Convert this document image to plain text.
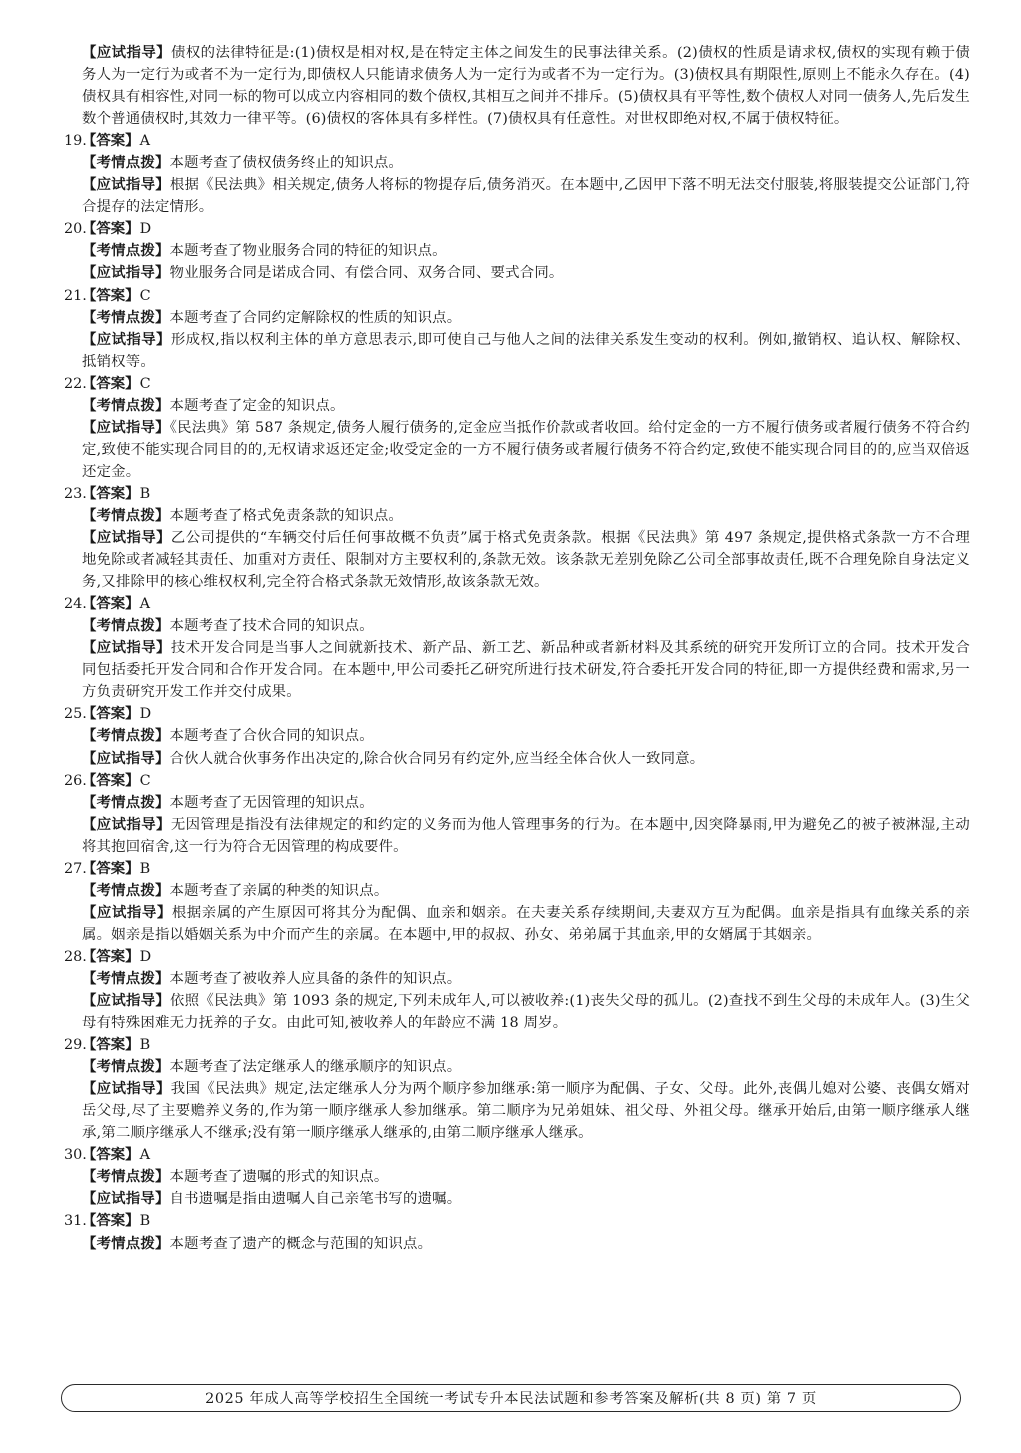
【应试指导】债权的法律特征是:(1)债权是相对权,是在特定主体之间发生的民事法律关系。(2)债权的性质是请求权,债权的实现有赖于债务人为一定行为或者不为一定行为,即债权人只能请求债务人为一定行为或者不为一定行为。(3)债权具有期限性,原则上不能永久存在。(4)债权具有相容性,对同一标的物可以成立内容相同的数个债权,其相互之间并不排斥。(5)债权具有平等性,数个债权人对同一债务人,先后发生数个普通债权时,其效力一律平等。(6)债权的客体具有多样性。(7)债权具有任意性。对世权即绝对权,不属于债权特征。

19.【答案】A

【考情点拨】本题考查了债权债务终止的知识点。

【应试指导】根据《民法典》相关规定,债务人将标的物提存后,债务消灭。在本题中,乙因甲下落不明无法交付服装,将服装提交公证部门,符合提存的法定情形。

20.【答案】D

【考情点拨】本题考查了物业服务合同的特征的知识点。

【应试指导】物业服务合同是诺成合同、有偿合同、双务合同、要式合同。

21.【答案】C

【考情点拨】本题考查了合同约定解除权的性质的知识点。

【应试指导】形成权,指以权利主体的单方意思表示,即可使自己与他人之间的法律关系发生变动的权利。例如,撤销权、追认权、解除权、抵销权等。

22.【答案】C

【考情点拨】本题考查了定金的知识点。

【应试指导】《民法典》第 587 条规定,债务人履行债务的,定金应当抵作价款或者收回。给付定金的一方不履行债务或者履行债务不符合约定,致使不能实现合同目的的,无权请求返还定金;收受定金的一方不履行债务或者履行债务不符合约定,致使不能实现合同目的的,应当双倍返还定金。

23.【答案】B

【考情点拨】本题考查了格式免责条款的知识点。

【应试指导】乙公司提供的“车辆交付后任何事故概不负责”属于格式免责条款。根据《民法典》第 497 条规定,提供格式条款一方不合理地免除或者减轻其责任、加重对方责任、限制对方主要权利的,条款无效。该条款无差别免除乙公司全部事故责任,既不合理免除自身法定义务,又排除甲的核心维权权利,完全符合格式条款无效情形,故该条款无效。

24.【答案】A

【考情点拨】本题考查了技术合同的知识点。

【应试指导】技术开发合同是当事人之间就新技术、新产品、新工艺、新品种或者新材料及其系统的研究开发所订立的合同。技术开发合同包括委托开发合同和合作开发合同。在本题中,甲公司委托乙研究所进行技术研发,符合委托开发合同的特征,即一方提供经费和需求,另一方负责研究开发工作并交付成果。

25.【答案】D

【考情点拨】本题考查了合伙合同的知识点。

【应试指导】合伙人就合伙事务作出决定的,除合伙合同另有约定外,应当经全体合伙人一致同意。

26.【答案】C

【考情点拨】本题考查了无因管理的知识点。

【应试指导】无因管理是指没有法律规定的和约定的义务而为他人管理事务的行为。在本题中,因突降暴雨,甲为避免乙的被子被淋湿,主动将其抱回宿舍,这一行为符合无因管理的构成要件。

27.【答案】B

【考情点拨】本题考查了亲属的种类的知识点。

【应试指导】根据亲属的产生原因可将其分为配偶、血亲和姻亲。在夫妻关系存续期间,夫妻双方互为配偶。血亲是指具有血缘关系的亲属。姻亲是指以婚姻关系为中介而产生的亲属。在本题中,甲的叔叔、孙女、弟弟属于其血亲,甲的女婿属于其姻亲。

28.【答案】D

【考情点拨】本题考查了被收养人应具备的条件的知识点。

【应试指导】依照《民法典》第 1093 条的规定,下列未成年人,可以被收养:(1)丧失父母的孤儿。(2)查找不到生父母的未成年人。(3)生父母有特殊困难无力抚养的子女。由此可知,被收养人的年龄应不满 18 周岁。

29.【答案】B

【考情点拨】本题考查了法定继承人的继承顺序的知识点。

【应试指导】我国《民法典》规定,法定继承人分为两个顺序参加继承:第一顺序为配偶、子女、父母。此外,丧偶儿媳对公婆、丧偶女婿对岳父母,尽了主要赡养义务的,作为第一顺序继承人参加继承。第二顺序为兄弟姐妹、祖父母、外祖父母。继承开始后,由第一顺序继承人继承,第二顺序继承人不继承;没有第一顺序继承人继承的,由第二顺序继承人继承。

30.【答案】A

【考情点拨】本题考查了遗嘱的形式的知识点。

【应试指导】自书遗嘱是指由遗嘱人自己亲笔书写的遗嘱。

31.【答案】B

【考情点拨】本题考查了遗产的概念与范围的知识点。

2025 年成人高等学校招生全国统一考试专升本民法试题和参考答案及解析(共 8 页) 第 7 页
